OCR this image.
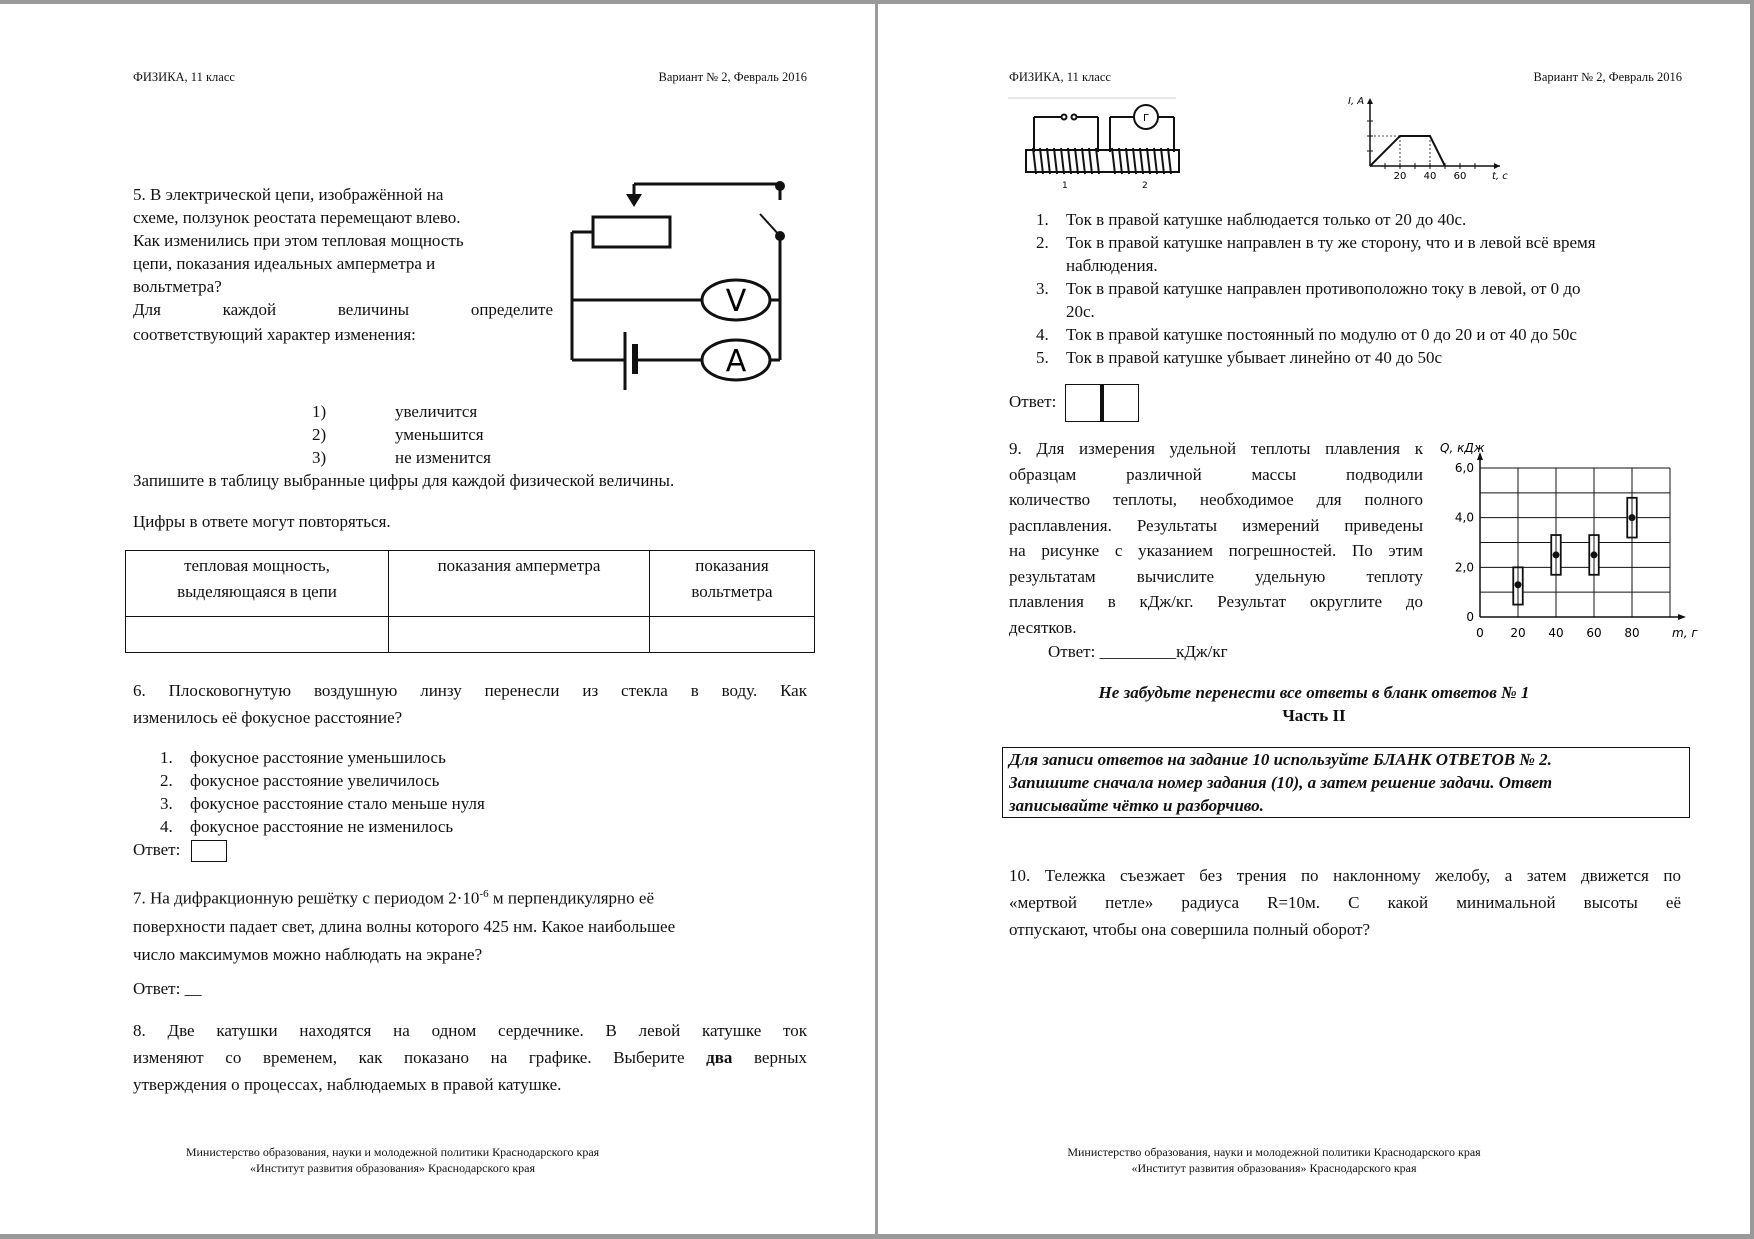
ФИЗИКА, 11 класс	Вариант № 2, Февраль 2016
5. В электрической цепи, изображённой на
схеме, ползунок реостата перемещают влево.
Как изменились при этом тепловая мощность
цепи, показания идеальных амперметра и
вольтметра?
Для каждой величины определите
соответствующий характер изменения:
V
A
1)	увеличится
2)	уменьшится
3)	не изменится
Запишите в таблицу выбранные цифры для каждой физической величины.
Цифры в ответе могут повторяться.
тепловая мощность, выделяющаяся в цепи	показания амперметра	показания вольтметра

6. Плосковогнутую воздушную линзу перенесли из стекла в воду. Как
изменилось её фокусное расстояние?
1. фокусное расстояние уменьшилось
2. фокусное расстояние увеличилось
3. фокусное расстояние стало меньше нуля
4. фокусное расстояние не изменилось
Ответ:
7. На дифракционную решётку с периодом $2\cdot 10^{-6}$ м перпендикулярно её
поверхности падает свет, длина волны которого 425 нм. Какое наибольшее
число максимумов можно наблюдать на экране?
Ответ: __
8. Две катушки находятся на одном сердечнике. В левой катушке ток
изменяют со временем, как показано на графике. Выберите два верных
утверждения о процессах, наблюдаемых в правой катушке.
Министерство образования, науки и молодежной политики Краснодарского края
«Институт развития образования» Краснодарского края
ФИЗИКА, 11 класс	Вариант № 2, Февраль 2016
Г
1	2
20 40 60	t, c
I, A
1. Ток в правой катушке наблюдается только от 20 до 40с.
2. Ток в правой катушке направлен в ту же сторону, что и в левой всё время наблюдения.
3. Ток в правой катушке направлен противоположно току в левой, от 0 до 20с.
4. Ток в правой катушке постоянный по модулю от 0 до 20 и от 40 до 50с
5. Ток в правой катушке убывает линейно от 40 до 50с
Ответ:
9. Для измерения удельной теплоты плавления к
образцам различной массы подводили
количество теплоты, необходимое для полного
расплавления. Результаты измерений приведены
на рисунке с указанием погрешностей. По этим
результатам вычислите удельную теплоту
плавления в кДж/кг. Результат округлите до
десятков.
Ответ: _________кДж/кг
0
2,0
4,0
6,0
0 20 40 60 80	m, г
Q, кДж
Не забудьте перенести все ответы в бланк ответов № 1
Часть II
Для записи ответов на задание 10 используйте БЛАНК ОТВЕТОВ № 2.
Запишите сначала номер задания (10), а затем решение задачи. Ответ
записывайте чётко и разборчиво.
10. Тележка съезжает без трения по наклонному желобу, а затем движется по
«мертвой петле» радиуса R=10м. С какой минимальной высоты её
отпускают, чтобы она совершила полный оборот?
Министерство образования, науки и молодежной политики Краснодарского края
«Институт развития образования» Краснодарского края
